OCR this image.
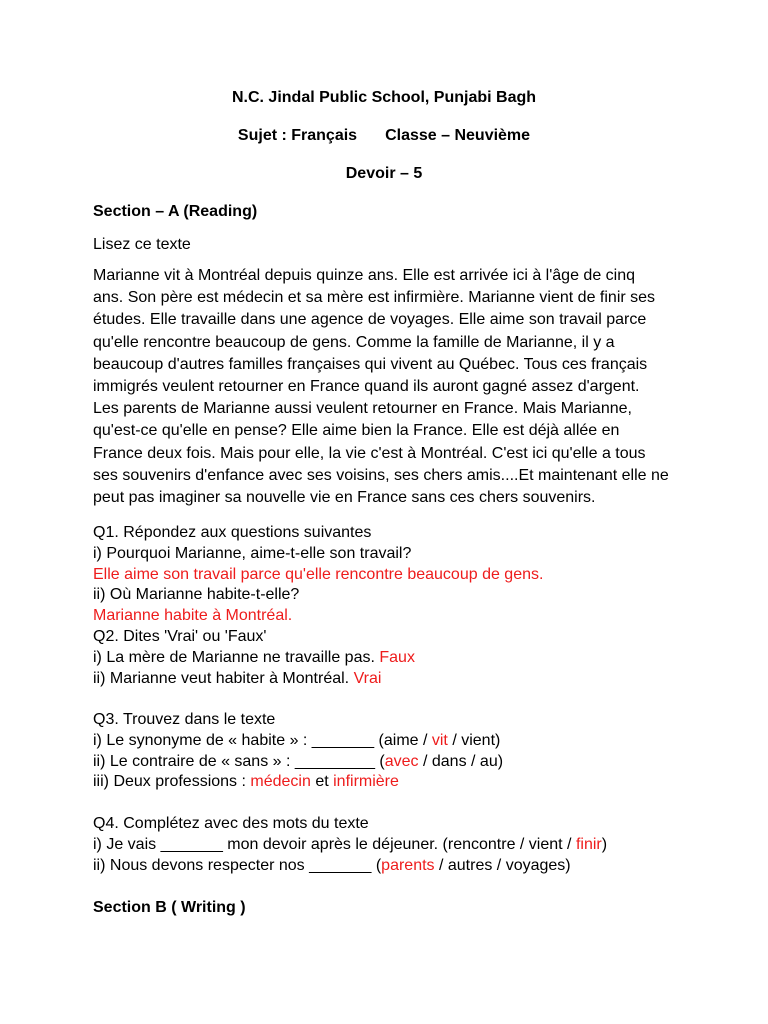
N.C. Jindal Public School, Punjabi Bagh
Sujet : Français Classe – Neuvième
Devoir – 5
Section – A (Reading)
Lisez ce texte
Marianne vit à Montréal depuis quinze ans. Elle est arrivée ici à l'âge de cinq
ans. Son père est médecin et sa mère est infirmière. Marianne vient de finir ses
études. Elle travaille dans une agence de voyages. Elle aime son travail parce
qu'elle rencontre beaucoup de gens. Comme la famille de Marianne, il y a
beaucoup d'autres familles françaises qui vivent au Québec. Tous ces français
immigrés veulent retourner en France quand ils auront gagné assez d'argent.
Les parents de Marianne aussi veulent retourner en France. Mais Marianne,
qu'est-ce qu'elle en pense? Elle aime bien la France. Elle est déjà allée en
France deux fois. Mais pour elle, la vie c'est à Montréal. C'est ici qu'elle a tous
ses souvenirs d'enfance avec ses voisins, ses chers amis....Et maintenant elle ne
peut pas imaginer sa nouvelle vie en France sans ces chers souvenirs.
Q1. Répondez aux questions suivantes
i) Pourquoi Marianne, aime-t-elle son travail?
Elle aime son travail parce qu'elle rencontre beaucoup de gens.
ii) Où Marianne habite-t-elle?
Marianne habite à Montréal.
Q2. Dites 'Vrai' ou 'Faux'
i) La mère de Marianne ne travaille pas. Faux
ii) Marianne veut habiter à Montréal. Vrai
Q3. Trouvez dans le texte
i) Le synonyme de « habite » : _______ (aime / vit / vient)
ii) Le contraire de « sans » : _________ (avec / dans / au)
iii) Deux professions : médecin et infirmière
Q4. Complétez avec des mots du texte
i) Je vais _______ mon devoir après le déjeuner. (rencontre / vient / finir)
ii) Nous devons respecter nos _______ (parents / autres / voyages)
Section B ( Writing )
